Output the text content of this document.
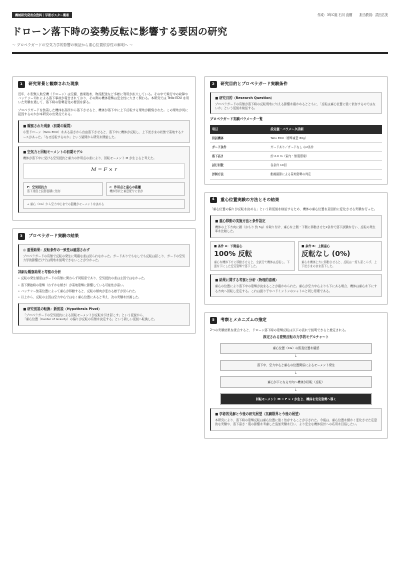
機械研究発表会資料｜学術ポスター概要	作成：3年C組 石川 直樹 担当教員：武田広美
ドローン落下時の姿勢反転に影響する要因の研究
～ プロペラガードの空気力学的影響の検証から重心位置依存性の解明へ ～
1	研究背景と観察された現象

近年、小型無人航空機（ドローン）は空撮、農業散布、物流配送など多様に利用が拡大している。その中で飛行中の故障やバッテリー切れによる落下事故が報告されており、その際の機体姿勢は安全性に大きく関わる。本研究では Tello EDU を用いた実験を通して、落下時の姿勢変化の要因を探る。

プロペラガードを装着した機体を高所から落下させると、機体が落下中に上下反転する現象が観察された。この現象が何に起因するのかが本研究の出発点である。

■ 観察された現象（初期の疑問）
小型ドローン（Tello EDU）をある高さから自由落下させると、落下中に機体が反転し、上下逆さまの状態で着地するケースがあった。「なぜ反転するのか」という疑問から研究を開始した。
■ 空気力と回転モーメントの初期モデル
機体が落下中に受ける空気抵抗と重力の作用点の差により、回転モーメント M が生じると考えた。
M = F × r
F：空気抵抗力
落下速度と投影面積に依存
r：作用点と重心の距離
機体形状と重量配分に依存
→ 重心（CG）から空力中心までの距離がモーメントを決める
3	プロペラガード実験の結果
◎ 重要結果：反転条件の一致性は確認されず
プロペラガードの有無で反転の発生に明確な差は見られなかった。ガードありでもなしでも反転は起こり、ガードの空気力学的影響だけでは現象を説明できないことが分かった。
詳細な観察結果と考察の分析
• 反転の発生頻度はガードの有無に関わらず同程度であり、空気抵抗の差は主因ではなかった。
• 落下開始時の姿勢（わずかな傾き）が着地姿勢に影響している可能性が高い。
• バッテリー装着位置によって重心が移動すると、反転の傾向が変わる様子が見られた。
• 以上から、反転の主因は空力中心ではなく重心位置にあると考え、次の実験を計画した。
■ 研究仮説の転換：新仮説（Hypothesis Pivot）
「プロペラガードの空気抵抗による回転モーメントが反転を引き起こす」という仮説から、
「重心位置（Center of Gravity）の偏りが反転の有無を決定する」という新しい仮説へ転換した。
2	研究目的とプロペラガード実験条件
■ 研究目的（Research Question）
プロペラガードの有無が落下時の反転現象に与える影響を確かめるとともに、「反転は重心位置に強く依存するのではないか」という仮説を検証する。
プロペラガード実験パラメータ一覧
項目	設定値・パラメータ詳細
供試機体	Tello EDU（標準重量 80g）
ガード条件	ガードあり／ガードなし の2条件
落下高さ	約 2.0 m（室内・無風環境）
試行回数	各条件 10回
評価方法	動画撮影による着地姿勢の判定
4	重心位置実験の方法とその結果

「重心位置の偏りが反転を決める」という新仮説を検証するため、機体の重心位置を意図的に変化させる実験を行った。

■ 重心移動の実施方法と条件設定
機体の上下方向に錘（おもり 約 5g）を取り付け、重心を上側・下側に移動させた2条件で落下試験を行い、反転の発生率を比較した。
■ 条件 A：下側重心
100% 反転
重心を機体下方に移動させると、全試行で機体は反転し、下面を下にした安定姿勢で落下した。
■ 条件 B：上側重心
反転なし (0%)
重心を機体上方に移動させると、反転は一度も起こらず、上下逆さまのまま落下した。
■ 結果に関する考察と分析（物理的意義）
重心の位置により落下中の姿勢が決まることが確かめられた。重心が空力中心よりも下にある場合、機体は重心を下にする方向へ回転し安定する。これは振り子やバドミントンのシャトルと同じ原理である。
5	考察とメカニズムの推定

2つの実験結果を統合すると、ドローン落下時の姿勢反転は以下の流れで説明できると推定される。

推定される姿勢反転の力学的モデルチャート
重心位置（CG）の鉛直位置を確認
↓
落下中、空力中心と重心の位置関係によるモーメント発生
↓
重心が下になる方向へ機体が回転（反転）
↓
回転モーメント M = F × r が生じ、機体を安定姿勢へ導く
■ 学術的見解と今後の研究展望（実験限界と今後の展望）
本研究により、落下時の姿勢反転は重心位置に強く依存することが示された。今後は、重心位置を細かく変化させた定量的な実験や、落下高さ・風の影響を考慮した追加実験を行い、より安全な機体設計への応用を目指したい。
